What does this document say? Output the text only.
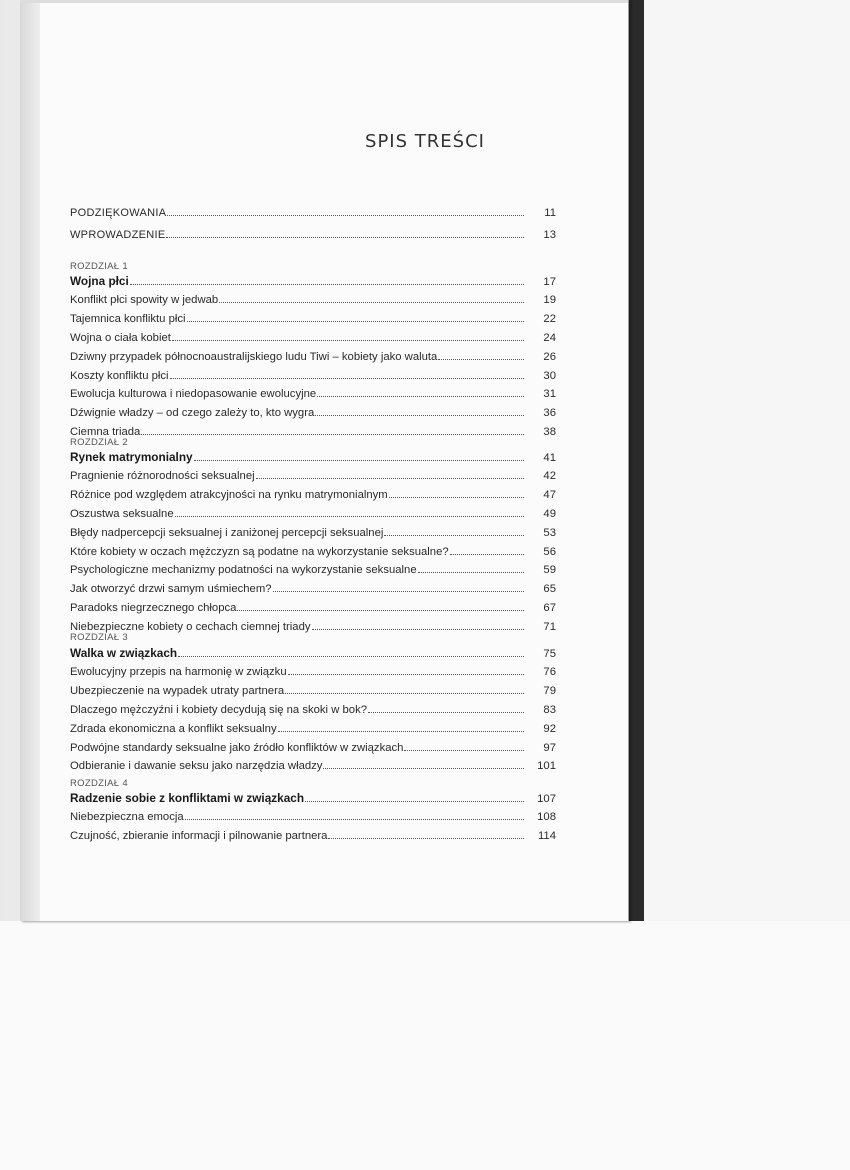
SPIS TREŚCI
PODZIĘKOWANIA	11
WPROWADZENIE	13
ROZDZIAŁ 1
Wojna płci	17
Konflikt płci spowity w jedwab	19
Tajemnica konfliktu płci	22
Wojna o ciała kobiet	24
Dziwny przypadek północnoaustralijskiego ludu Tiwi – kobiety jako waluta	26
Koszty konfliktu płci	30
Ewolucja kulturowa i niedopasowanie ewolucyjne	31
Dźwignie władzy – od czego zależy to, kto wygra	36
Ciemna triada	38
ROZDZIAŁ 2
Rynek matrymonialny	41
Pragnienie różnorodności seksualnej	42
Różnice pod względem atrakcyjności na rynku matrymonialnym	47
Oszustwa seksualne	49
Błędy nadpercepcji seksualnej i zaniżonej percepcji seksualnej	53
Które kobiety w oczach mężczyzn są podatne na wykorzystanie seksualne?	56
Psychologiczne mechanizmy podatności na wykorzystanie seksualne	59
Jak otworzyć drzwi samym uśmiechem?	65
Paradoks niegrzecznego chłopca	67
Niebezpieczne kobiety o cechach ciemnej triady	71
ROZDZIAŁ 3
Walka w związkach	75
Ewolucyjny przepis na harmonię w związku	76
Ubezpieczenie na wypadek utraty partnera	79
Dlaczego mężczyźni i kobiety decydują się na skoki w bok?	83
Zdrada ekonomiczna a konflikt seksualny	92
Podwójne standardy seksualne jako źródło konfliktów w związkach	97
Odbieranie i dawanie seksu jako narzędzia władzy	101
ROZDZIAŁ 4
Radzenie sobie z konfliktami w związkach	107
Niebezpieczna emocja	108
Czujność, zbieranie informacji i pilnowanie partnera	114
